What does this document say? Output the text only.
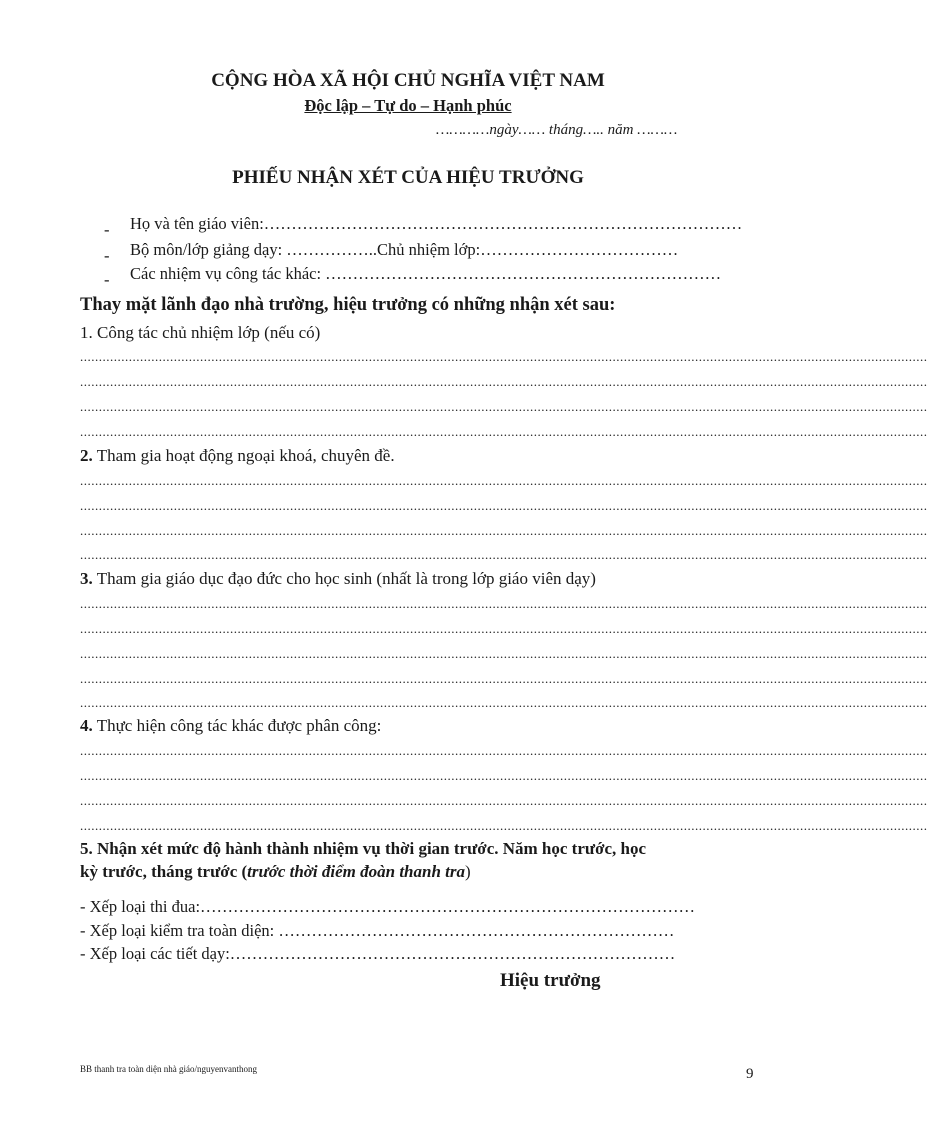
CỘNG HÒA XÃ HỘI CHỦ NGHĨA VIỆT NAM
Độc lập – Tự do – Hạnh phúc
…………ngày…… tháng….. năm ………
PHIẾU NHẬN XÉT CỦA HIỆU TRƯỞNG
- Họ và tên giáo viên:……………………………………………………………………………
- Bộ môn/lớp giảng dạy: ……………..Chủ nhiệm lớp:………………………………
- Các nhiệm vụ công tác khác: ………………………………………………………………
Thay mặt lãnh đạo nhà trường, hiệu trưởng có những nhận xét sau:
1. Công tác chủ nhiệm lớp (nếu có)
..................................................................................................................................................................................................................................
..................................................................................................................................................................................................................................
..................................................................................................................................................................................................................................
..................................................................................................................................................................................................................................
2. Tham gia hoạt động ngoại khoá, chuyên đề.
..................................................................................................................................................................................................................................
..................................................................................................................................................................................................................................
..................................................................................................................................................................................................................................
..................................................................................................................................................................................................................................
3. Tham gia giáo dục đạo đức cho học sinh (nhất là trong lớp giáo viên dạy)
..................................................................................................................................................................................................................................
..................................................................................................................................................................................................................................
..................................................................................................................................................................................................................................
..................................................................................................................................................................................................................................
..................................................................................................................................................................................................................................
4. Thực hiện công tác khác được phân công:
..................................................................................................................................................................................................................................
..................................................................................................................................................................................................................................
..................................................................................................................................................................................................................................
..................................................................................................................................................................................................................................
5. Nhận xét mức độ hành thành nhiệm vụ thời gian trước. Năm học trước, học
kỳ trước, tháng trước (trước thời điểm đoàn thanh tra)
- Xếp loại thi đua:………………………………………………………………………………
- Xếp loại kiểm tra toàn diện: ………………………………………………………………
- Xếp loại các tiết dạy:………………………………………………………………………
Hiệu trưởng
BB thanh tra toàn diện nhà giáo/nguyenvanthong	9
